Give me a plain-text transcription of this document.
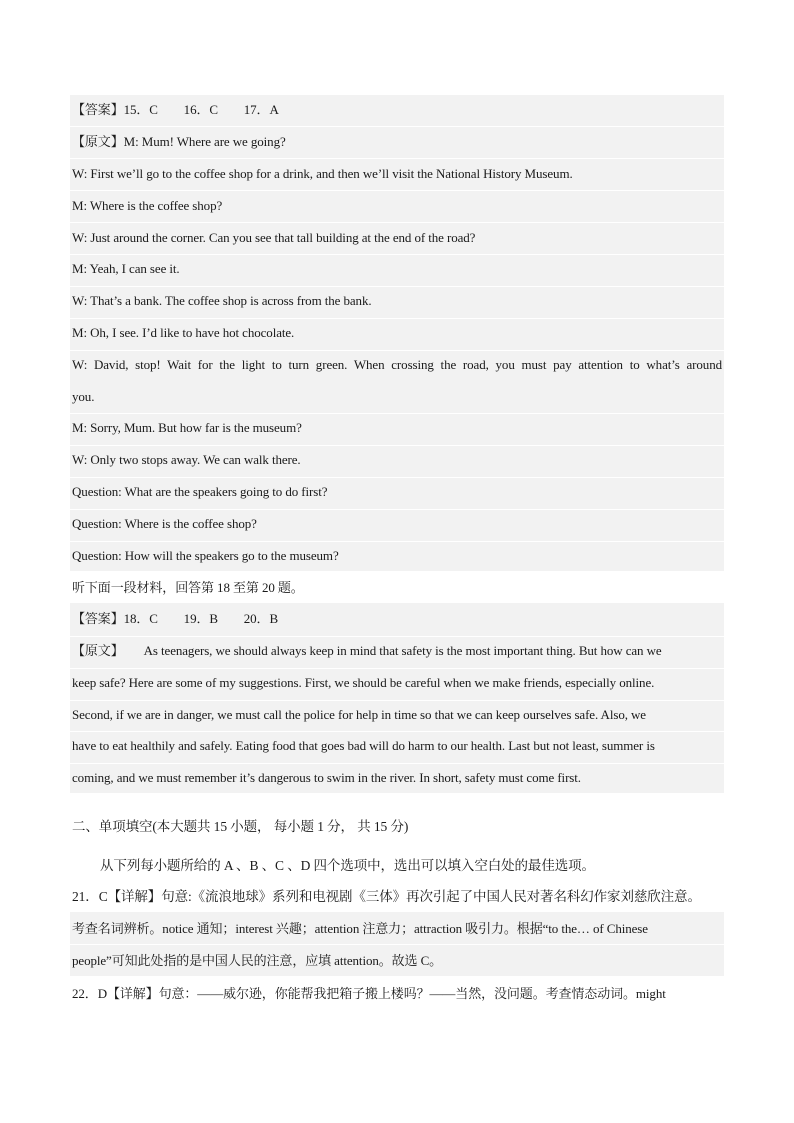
【答案】15．C　　16．C　　17．A
【原文】M: Mum! Where are we going?
W: First we’ll go to the coffee shop for a drink, and then we’ll visit the National History Museum.
M: Where is the coffee shop?
W: Just around the corner. Can you see that tall building at the end of the road?
M: Yeah, I can see it.
W: That’s a bank. The coffee shop is across from the bank.
M: Oh, I see. I’d like to have hot chocolate.
W: David, stop! Wait for the light to turn green. When crossing the road, you must pay attention to what’s around
you.
M: Sorry, Mum. But how far is the museum?
W: Only two stops away. We can walk there.
Question: What are the speakers going to do first?
Question: Where is the coffee shop?
Question: How will the speakers go to the museum?
听下面一段材料，回答第 18 至第 20 题。
【答案】18．C　　19．B　　20．B
【原文】 As teenagers, we should always keep in mind that safety is the most important thing. But how can we
keep safe? Here are some of my suggestions. First, we should be careful when we make friends, especially online.
Second, if we are in danger, we must call the police for help in time so that we can keep ourselves safe. Also, we
have to eat healthily and safely. Eating food that goes bad will do harm to our health. Last but not least, summer is
coming, and we must remember it’s dangerous to swim in the river. In short, safety must come first.
二、单项填空(本大题共 15 小题， 每小题 1 分， 共 15 分)
从下列每小题所给的 A 、B 、C 、D 四个选项中，选出可以填入空白处的最佳选项。
21．C【详解】句意:《流浪地球》系列和电视剧《三体》再次引起了中国人民对著名科幻作家刘慈欣注意。
考查名词辨析。notice 通知；interest 兴趣；attention 注意力；attraction 吸引力。根据“to the… of Chinese
people”可知此处指的是中国人民的注意，应填 attention。故选 C。
22．D【详解】句意：——威尔逊，你能帮我把箱子搬上楼吗？——当然，没问题。考查情态动词。might
